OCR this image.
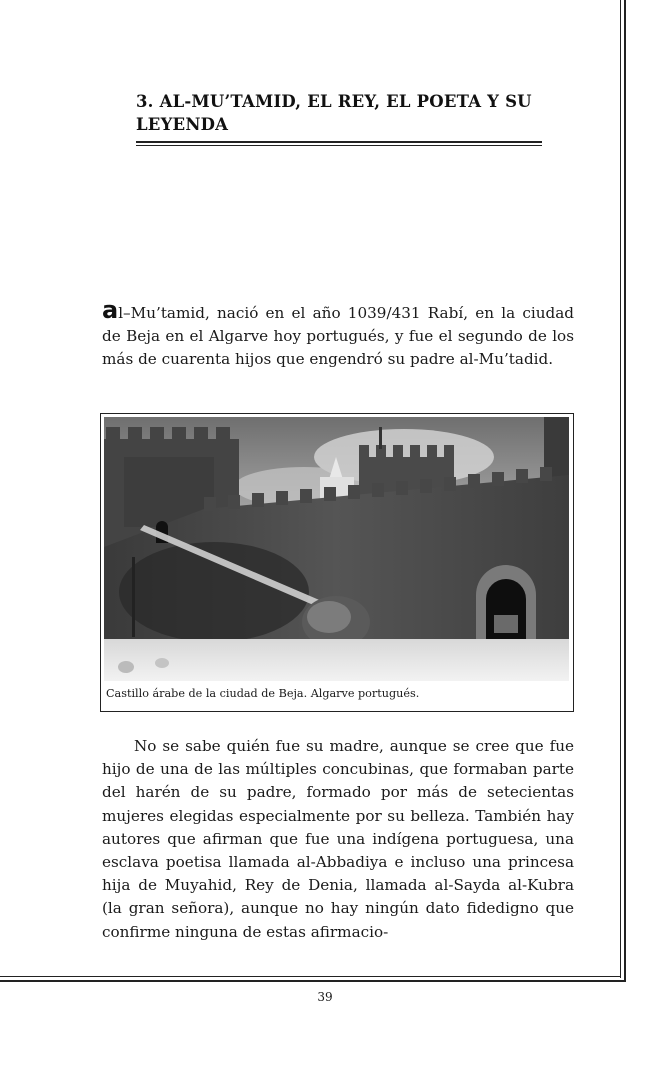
3. AL-MU’TAMID, EL REY, EL POETA Y SU LEYENDA

al–Mu’tamid, nació en el año 1039/431 Rabí, en la ciudad de Beja en el Algarve hoy portugués, y fue el segundo de los más de cuarenta hijos que engendró su padre al-Mu’tadid.

Castillo árabe de la ciudad de Beja. Algarve portugués.

No se sabe quién fue su madre, aunque se cree que fue hijo de una de las múltiples concubinas, que formaban parte del harén de su padre, formado por más de setecientas mujeres elegidas especialmente por su belleza. También hay autores que afirman que fue una indígena portuguesa, una esclava poetisa llamada al-Abbadiya e incluso una princesa hija de Muyahid, Rey de Denia, llamada al-Sayda al-Kubra (la gran señora), aunque no hay ningún dato fidedigno que confirme ninguna de estas afirmacio-

39
